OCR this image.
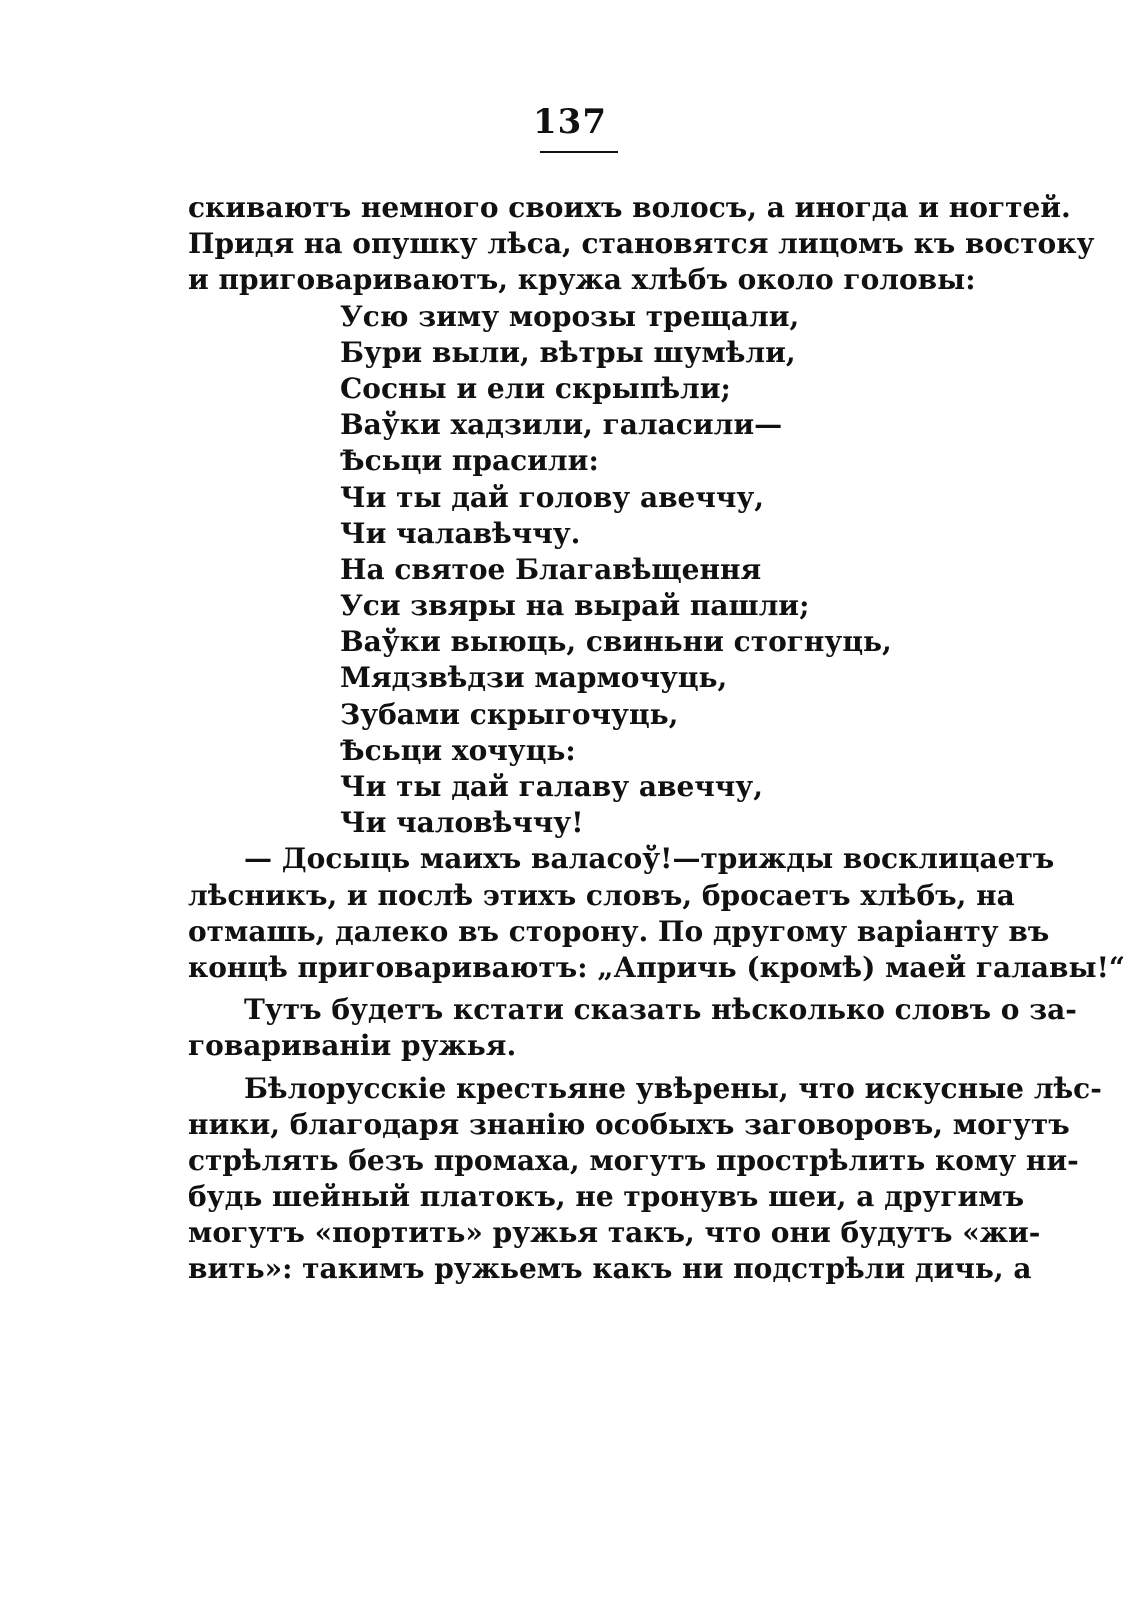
137
скиваютъ немного своихъ волосъ, а иногда и ногтей.
Придя на опушку лѣса, становятся лицомъ къ востоку
и приговариваютъ, кружа хлѣбъ около головы:
Усю зиму морозы трещали,
Бури выли, вѣтры шумѣли,
Сосны и ели скрыпѣли;
Ваўки хадзили, галасили—
Ѣсьци прасили:
Чи ты дай голову авеччу,
Чи чалавѣччу.
На святое Благавѣщення
Уси звяры на вырай пашли;
Ваўки выюць, свиньни стогнуць,
Мядзвѣдзи мармочуць,
Зубами скрыгочуць,
Ѣсьци хочуць:
Чи ты дай галаву авеччу,
Чи чаловѣччу!
— Досыць маихъ валасоў!—трижды восклицаетъ
лѣсникъ, и послѣ этихъ словъ, бросаетъ хлѣбъ, на
отмашь, далеко въ сторону. По другому варіанту въ
концѣ приговариваютъ: „Апричь (кромѣ) маей галавы!“
Тутъ будетъ кстати сказать нѣсколько словъ о за-
говариваніи ружья.
Бѣлорусскіе крестьяне увѣрены, что искусные лѣс-
ники, благодаря знанію особыхъ заговоровъ, могутъ
стрѣлять безъ промаха, могутъ прострѣлить кому ни-
будь шейный платокъ, не тронувъ шеи, а другимъ
могутъ «портить» ружья такъ, что они будутъ «жи-
вить»: такимъ ружьемъ какъ ни подстрѣли дичь, а
